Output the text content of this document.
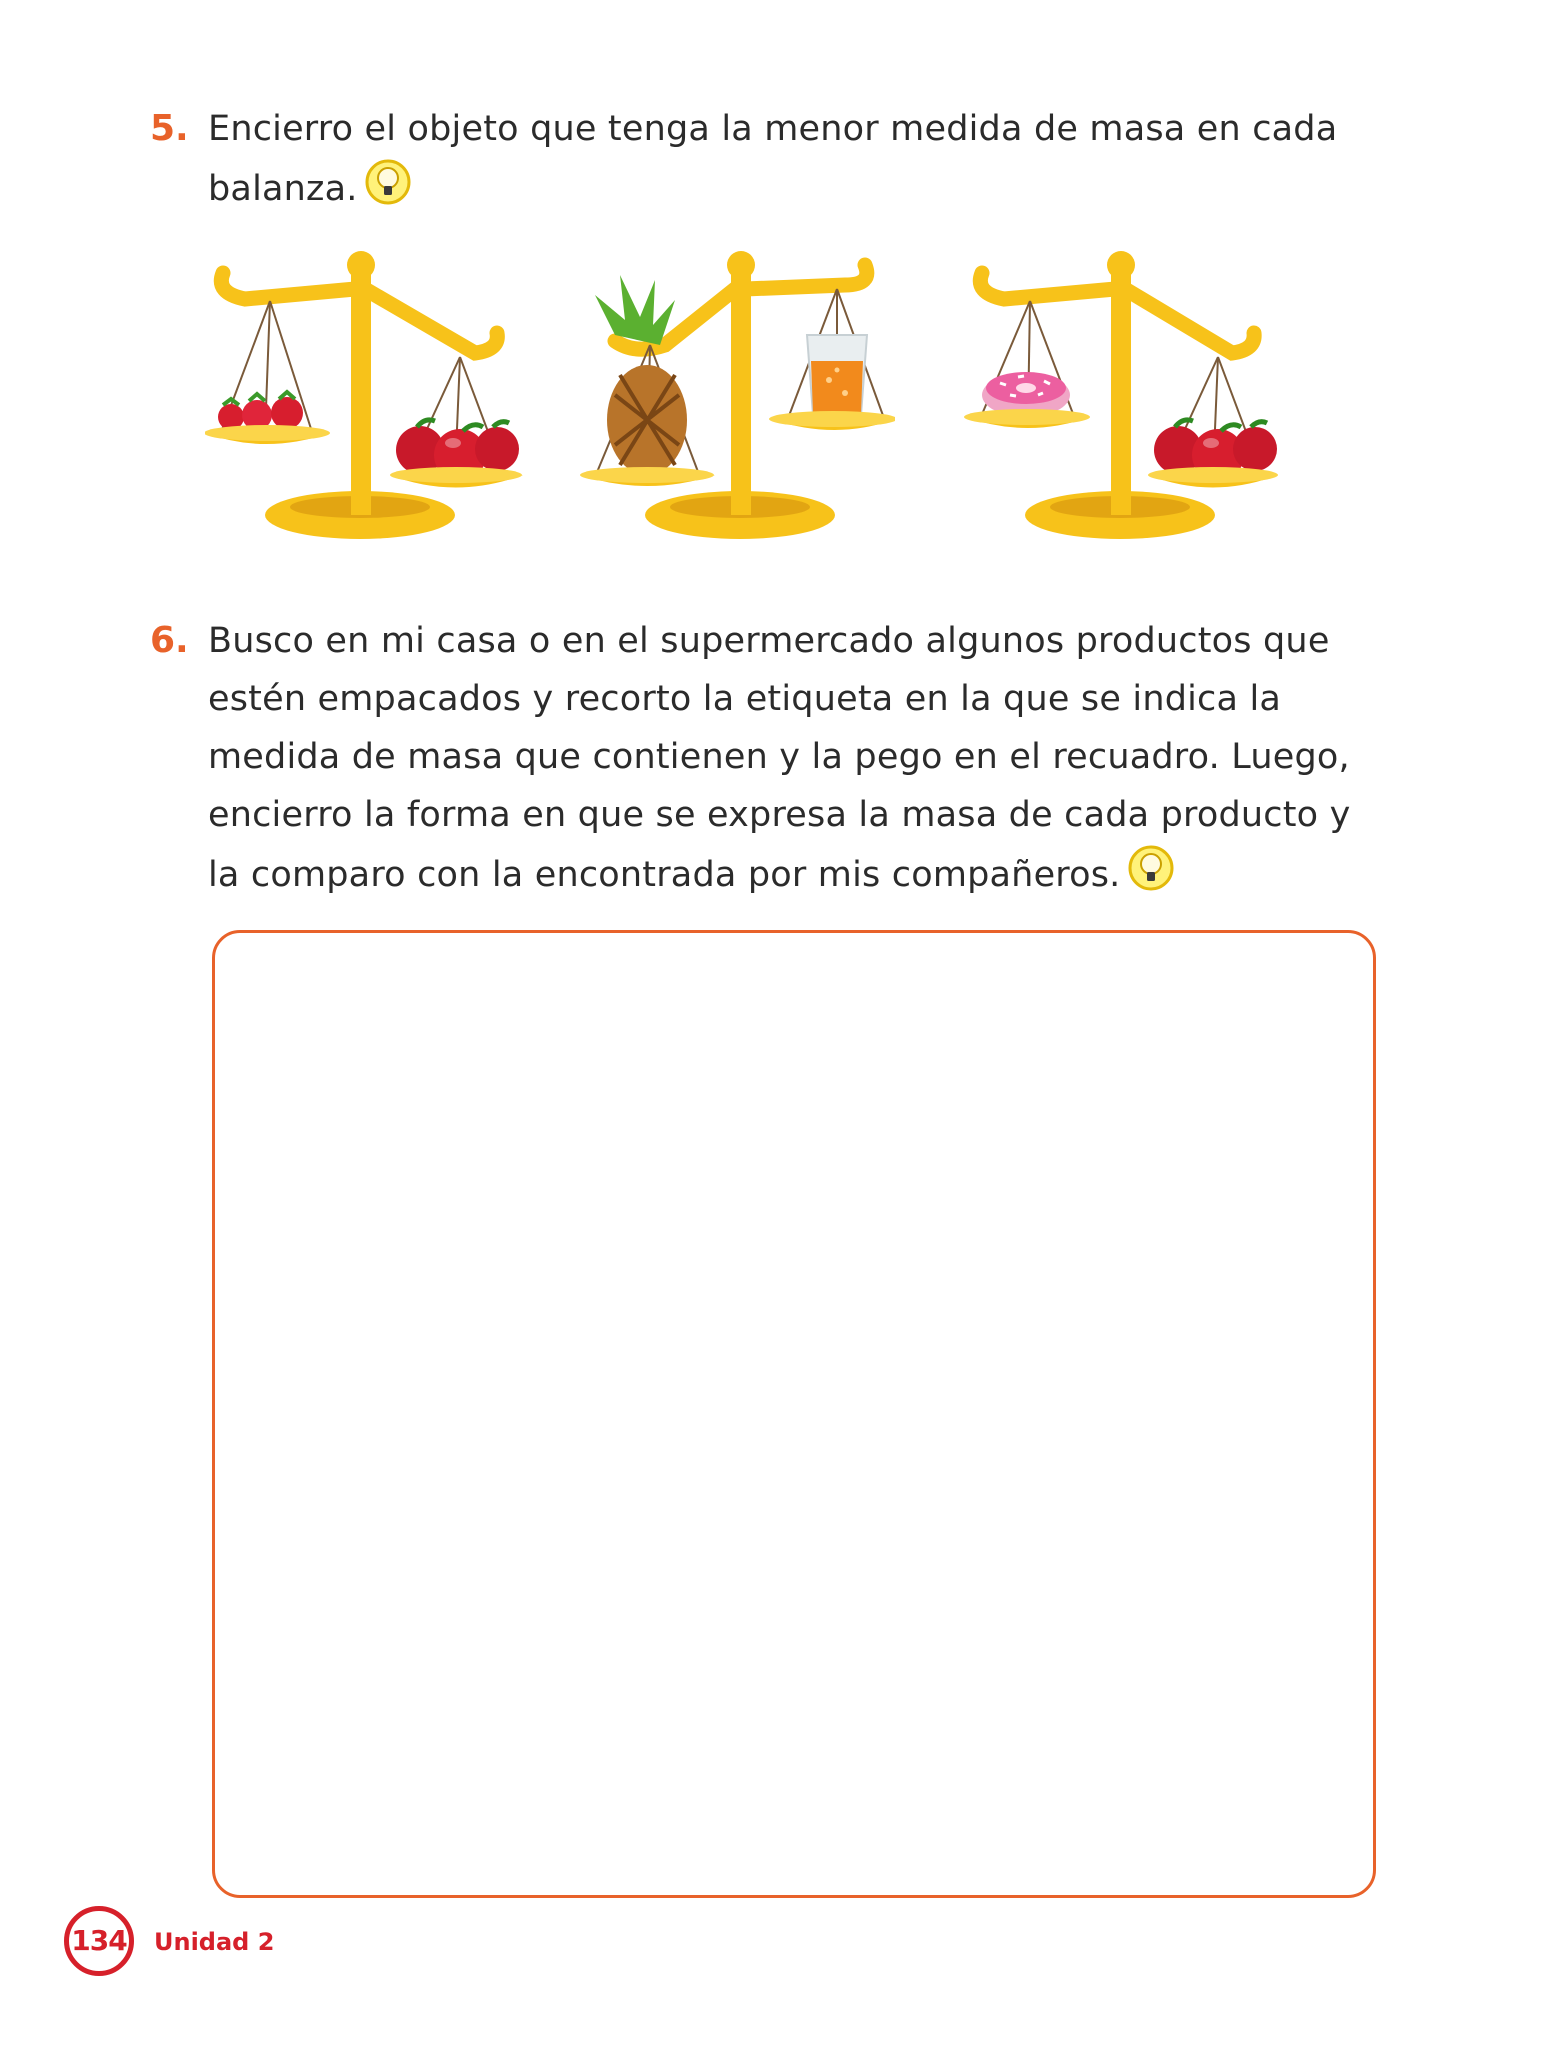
5. Encierro el objeto que tenga la menor medida de masa en cada
balanza.
6. Busco en mi casa o en el supermercado algunos productos que
estén empacados y recorto la etiqueta en la que se indica la
medida de masa que contienen y la pego en el recuadro. Luego,
encierro la forma en que se expresa la masa de cada producto y
la comparo con la encontrada por mis compañeros.
134	Unidad 2
